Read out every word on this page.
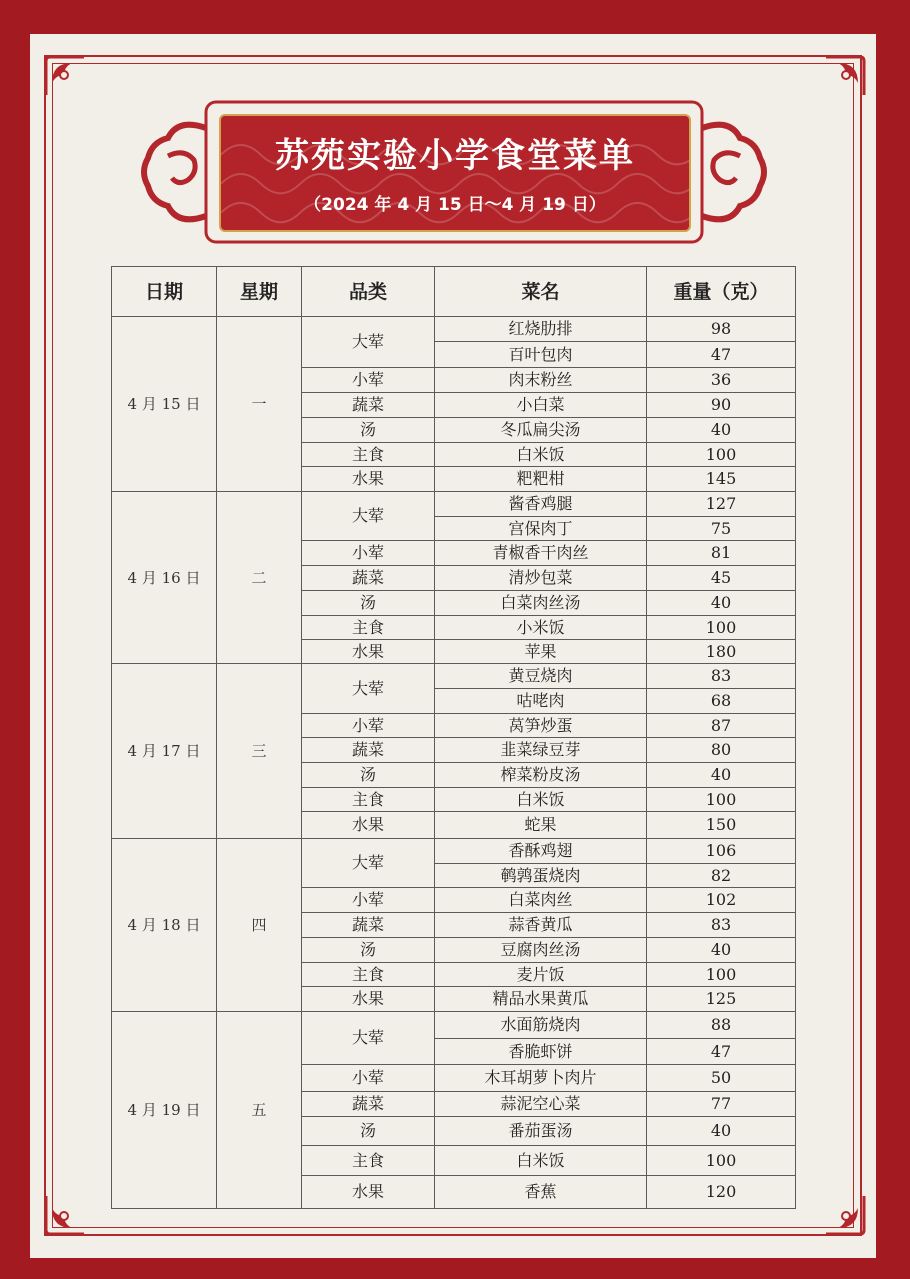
苏苑实验小学食堂菜单
（2024 年 4 月 15 日～4 月 19 日）
日期	星期	品类	菜名	重量（克）
4 月 15 日	一	大荤	红烧肋排	98
			百叶包肉	47
		小荤	肉末粉丝	36
		蔬菜	小白菜	90
		汤	冬瓜扁尖汤	40
		主食	白米饭	100
		水果	粑粑柑	145
4 月 16 日	二	大荤	酱香鸡腿	127
			宫保肉丁	75
		小荤	青椒香干肉丝	81
		蔬菜	清炒包菜	45
		汤	白菜肉丝汤	40
		主食	小米饭	100
		水果	苹果	180
4 月 17 日	三	大荤	黄豆烧肉	83
			咕咾肉	68
		小荤	莴笋炒蛋	87
		蔬菜	韭菜绿豆芽	80
		汤	榨菜粉皮汤	40
		主食	白米饭	100
		水果	蛇果	150
4 月 18 日	四	大荤	香酥鸡翅	106
			鹌鹑蛋烧肉	82
		小荤	白菜肉丝	102
		蔬菜	蒜香黄瓜	83
		汤	豆腐肉丝汤	40
		主食	麦片饭	100
		水果	精品水果黄瓜	125
4 月 19 日	五	大荤	水面筋烧肉	88
			香脆虾饼	47
		小荤	木耳胡萝卜肉片	50
		蔬菜	蒜泥空心菜	77
		汤	番茄蛋汤	40
		主食	白米饭	100
		水果	香蕉	120
